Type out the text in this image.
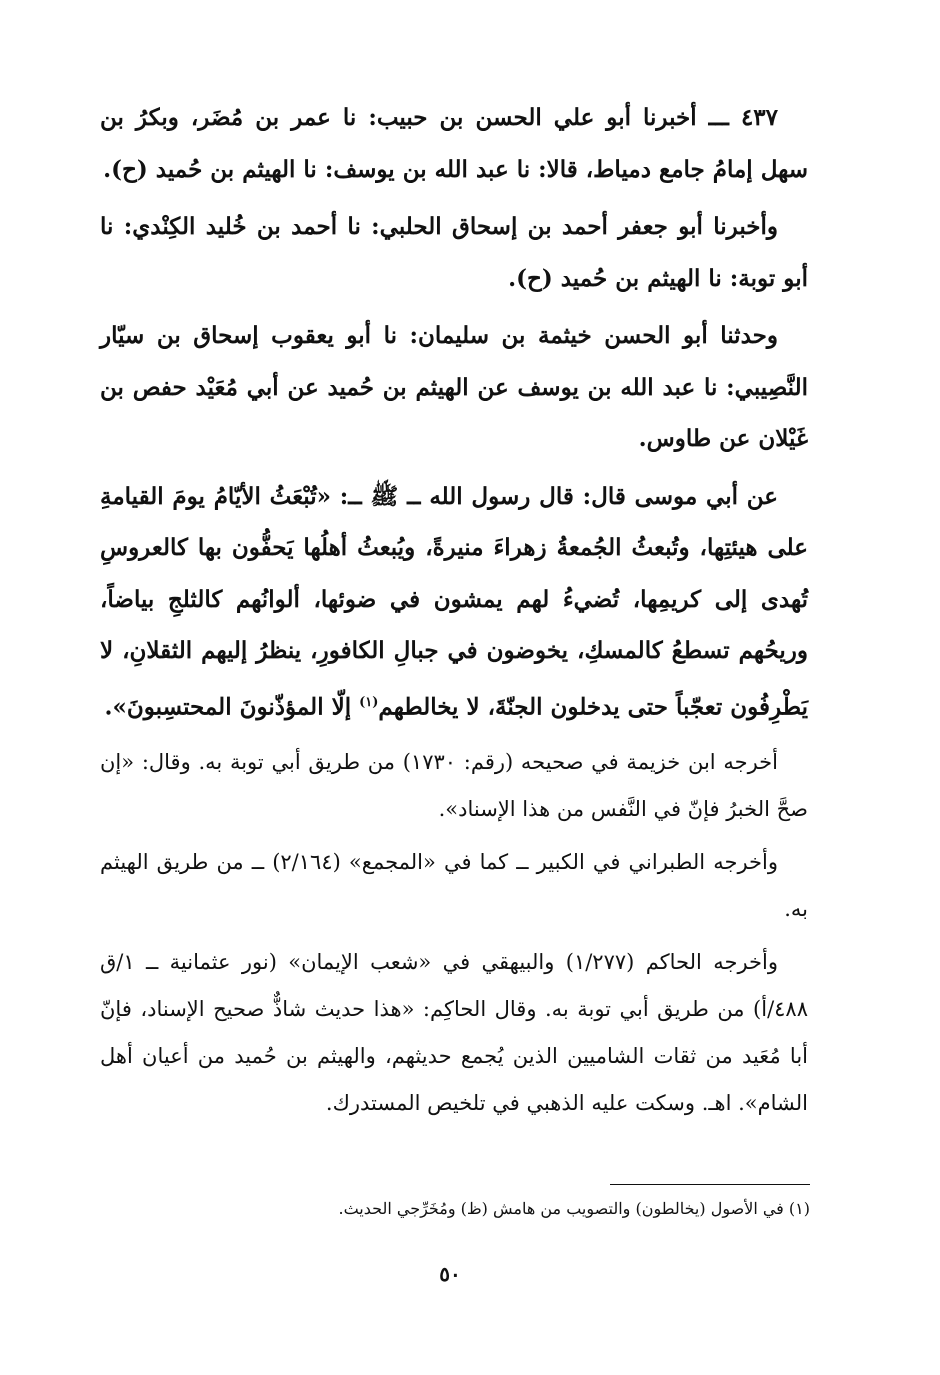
٤٣٧ ـــ أخبرنا أبو علي الحسن بن حبيب: نا عمر بن مُضَر، وبكرُ بن سهل إمامُ جامع دمياط، قالا: نا عبد الله بن يوسف: نا الهيثم بن حُميد (ح).

وأخبرنا أبو جعفر أحمد بن إسحاق الحلبي: نا أحمد بن خُليد الكِنْدي: نا أبو توبة: نا الهيثم بن حُميد (ح).

وحدثنا أبو الحسن خيثمة بن سليمان: نا أبو يعقوب إسحاق بن سيّار النَّصِيبي: نا عبد الله بن يوسف عن الهيثم بن حُميد عن أبي مُعَيْد حفص بن غَيْلان عن طاوس.

عن أبي موسى قال: قال رسول الله ــ ﷺ ــ: «تُبْعَثُ الأيّامُ يومَ القيامةِ على هيئتِها، وتُبعثُ الجُمعةُ زهراءَ منيرةً، ويُبعثُ أهلُها يَحفُّون بها كالعروسِ تُهدى إلى كريمِها، تُضيءُ لهم يمشون في ضوئها، ألوانُهم كالثلجِ بياضاً، وريحُهم تسطعُ كالمسكِ، يخوضون في جبالِ الكافورِ، ينظرُ إليهم الثقلانِ، لا يَطْرِفُون تعجّباً حتى يدخلون الجنّةَ، لا يخالطهم$^{(١)}$ إلّا المؤذّنونَ المحتسِبونَ».

أخرجه ابن خزيمة في صحيحه (رقم: ١٧٣٠) من طريق أبي توبة به. وقال: «إن صحَّ الخبرُ فإنّ في النَّفس من هذا الإسناد».

وأخرجه الطبراني في الكبير ــ كما في «المجمع» (٢/١٦٤) ــ من طريق الهيثم به.

وأخرجه الحاكم (١/٢٧٧) والبيهقي في «شعب الإيمان» (نور عثمانية ــ ١/ق ٤٨٨/أ) من طريق أبي توبة به. وقال الحاكِم: «هذا حديث شاذٌّ صحيح الإسناد، فإنّ أبا مُعَيد من ثقات الشاميين الذين يُجمع حديثهم، والهيثم بن حُميد من أعيان أهل الشام». اهـ. وسكت عليه الذهبي في تلخيص المستدرك.

(١) في الأصول (يخالطون) والتصويب من هامش (ظ) ومُخَرِّجي الحديث.
٥٠
